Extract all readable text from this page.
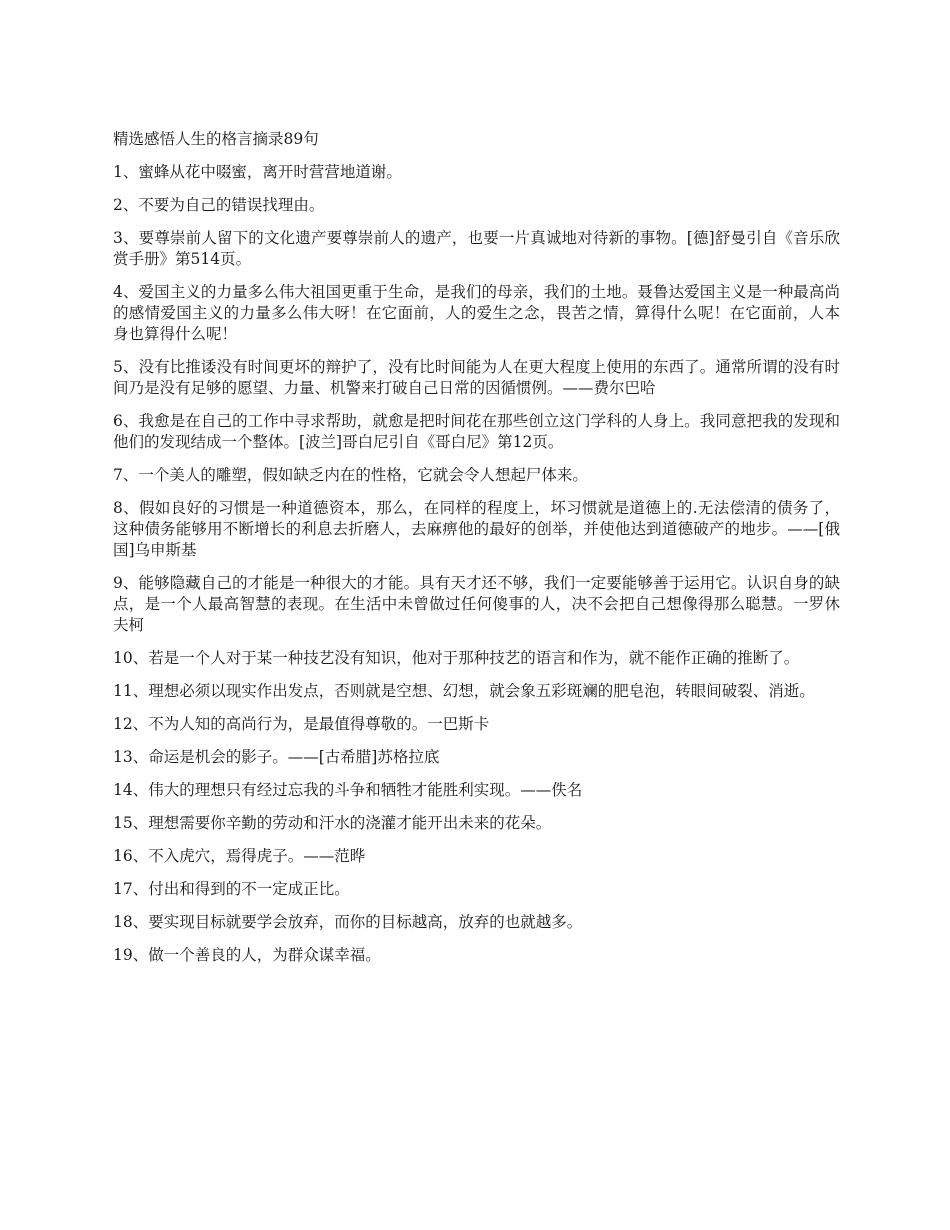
精选感悟人生的格言摘录89句

1、蜜蜂从花中啜蜜，离开时营营地道谢。

2、不要为自己的错误找理由。

3、要尊崇前人留下的文化遗产要尊崇前人的遗产，也要一片真诚地对待新的事物。[德]舒曼引自《音乐欣赏手册》第514页。

4、爱国主义的力量多么伟大祖国更重于生命，是我们的母亲，我们的土地。聂鲁达爱国主义是一种最高尚的感情爱国主义的力量多么伟大呀！在它面前，人的爱生之念，畏苦之情，算得什么呢！在它面前，人本身也算得什么呢！

5、没有比推诿没有时间更坏的辩护了，没有比时间能为人在更大程度上使用的东西了。通常所谓的没有时间乃是没有足够的愿望、力量、机警来打破自己日常的因循惯例。——费尔巴哈

6、我愈是在自己的工作中寻求帮助，就愈是把时间花在那些创立这门学科的人身上。我同意把我的发现和他们的发现结成一个整体。[波兰]哥白尼引自《哥白尼》第12页。

7、一个美人的雕塑，假如缺乏内在的性格，它就会令人想起尸体来。

8、假如良好的习惯是一种道德资本，那么，在同样的程度上，坏习惯就是道德上的.无法偿清的债务了，这种债务能够用不断增长的利息去折磨人，去麻痹他的最好的创举，并使他达到道德破产的地步。——[俄国]乌申斯基

9、能够隐藏自己的才能是一种很大的才能。具有天才还不够，我们一定要能够善于运用它。认识自身的缺点，是一个人最高智慧的表现。在生活中未曾做过任何傻事的人，决不会把自己想像得那么聪慧。一罗休夫柯

10、若是一个人对于某一种技艺没有知识，他对于那种技艺的语言和作为，就不能作正确的推断了。

11、理想必须以现实作出发点，否则就是空想、幻想，就会象五彩斑斓的肥皂泡，转眼间破裂、消逝。

12、不为人知的高尚行为，是最值得尊敬的。一巴斯卡

13、命运是机会的影子。——[古希腊]苏格拉底

14、伟大的理想只有经过忘我的斗争和牺牲才能胜利实现。——佚名

15、理想需要你辛勤的劳动和汗水的浇灌才能开出未来的花朵。

16、不入虎穴，焉得虎子。——范晔

17、付出和得到的不一定成正比。

18、要实现目标就要学会放弃，而你的目标越高，放弃的也就越多。

19、做一个善良的人，为群众谋幸福。
